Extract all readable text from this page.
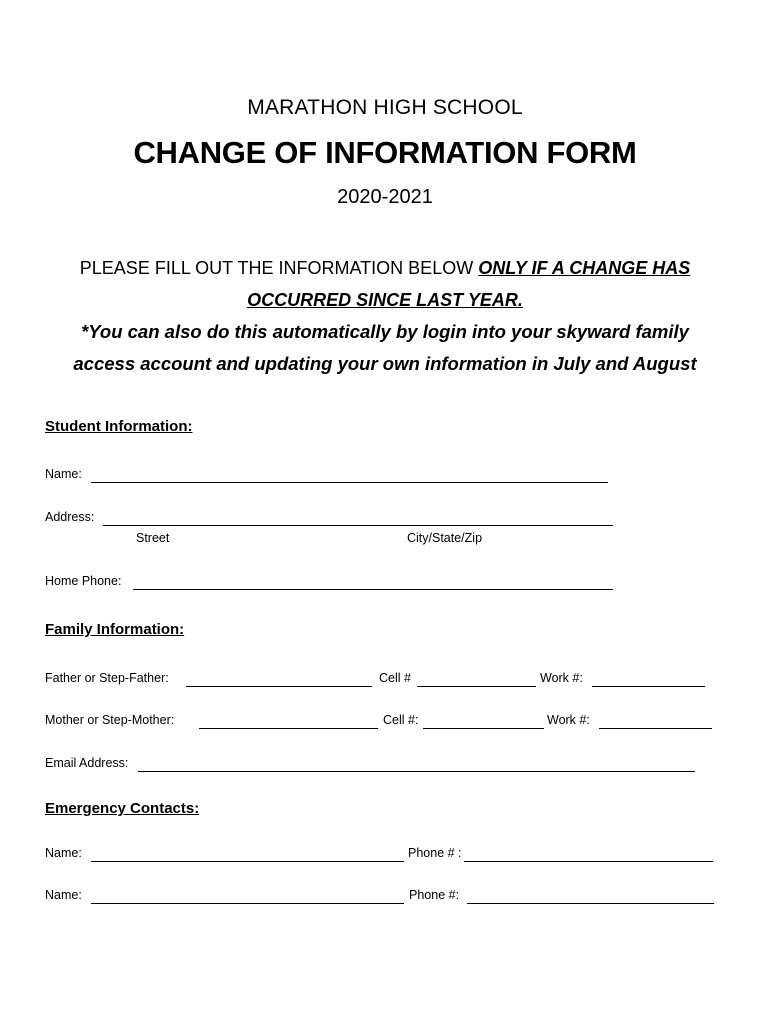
MARATHON HIGH SCHOOL
CHANGE OF INFORMATION FORM
2020-2021
PLEASE FILL OUT THE INFORMATION BELOW ONLY IF A CHANGE HAS
OCCURRED SINCE LAST YEAR.
*You can also do this automatically by login into your skyward family
access account and updating your own information in July and August
Student Information:
Name:
Address:
Street	City/State/Zip
Home Phone:
Family Information:
Father or Step-Father:	Cell #	Work #:
Mother or Step-Mother:	Cell #:	Work #:
Email Address:
Emergency Contacts:
Name:	Phone # :
Name:	Phone #:
